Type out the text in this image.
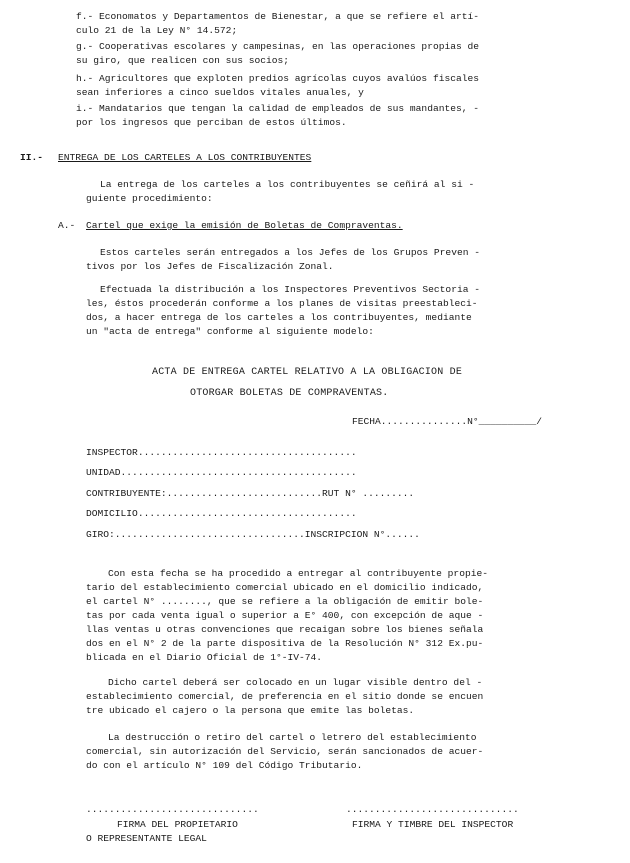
f.- Economatos y Departamentos de Bienestar, a que se refiere el artí-
culo 21 de la Ley N° 14.572;
g.- Cooperativas escolares y campesinas, en las operaciones propias de
su giro, que realicen con sus socios;
h.- Agricultores que exploten predios agrícolas cuyos avalúos fiscales
sean inferiores a cinco sueldos vitales anuales, y
i.- Mandatarios que tengan la calidad de empleados de sus mandantes, -
por los ingresos que perciban de estos últimos.
II.- ENTREGA DE LOS CARTELES A LOS CONTRIBUYENTES
La entrega de los carteles a los contribuyentes se ceñirá al si -
guiente procedimiento:
A.- Cartel que exige la emisión de Boletas de Compraventas.
Estos carteles serán entregados a los Jefes de los Grupos Preven -
tivos por los Jefes de Fiscalización Zonal.
Efectuada la distribución a los Inspectores Preventivos Sectoria -
les, éstos procederán conforme a los planes de visitas preestableci-
dos, a hacer entrega de los carteles a los contribuyentes, mediante
un "acta de entrega" conforme al siguiente modelo:
ACTA DE ENTREGA CARTEL RELATIVO A LA OBLIGACION DE
OTORGAR BOLETAS DE COMPRAVENTAS.
FECHA...............N°__________/
INSPECTOR......................................
UNIDAD.........................................
CONTRIBUYENTE:...........................RUT N° .........
DOMICILIO......................................
GIRO:.................................INSCRIPCION N°......
Con esta fecha se ha procedido a entregar al contribuyente propie-
tario del establecimiento comercial ubicado en el domicilio indicado,
el cartel N° ........, que se refiere a la obligación de emitir bole-
tas por cada venta igual o superior a E° 400, con excepción de aque -
llas ventas u otras convenciones que recaigan sobre los bienes señala
dos en el N° 2 de la parte dispositiva de la Resolución N° 312 Ex.pu-
blicada en el Diario Oficial de 1°-IV-74.
Dicho cartel deberá ser colocado en un lugar visible dentro del -
establecimiento comercial, de preferencia en el sitio donde se encuen
tre ubicado el cajero o la persona que emite las boletas.
La destrucción o retiro del cartel o letrero del establecimiento
comercial, sin autorización del Servicio, serán sancionados de acuer-
do con el artículo N° 109 del Código Tributario.
..............................	..............................
FIRMA DEL PROPIETARIO
O REPRESENTANTE LEGAL
FIRMA Y TIMBRE DEL INSPECTOR
